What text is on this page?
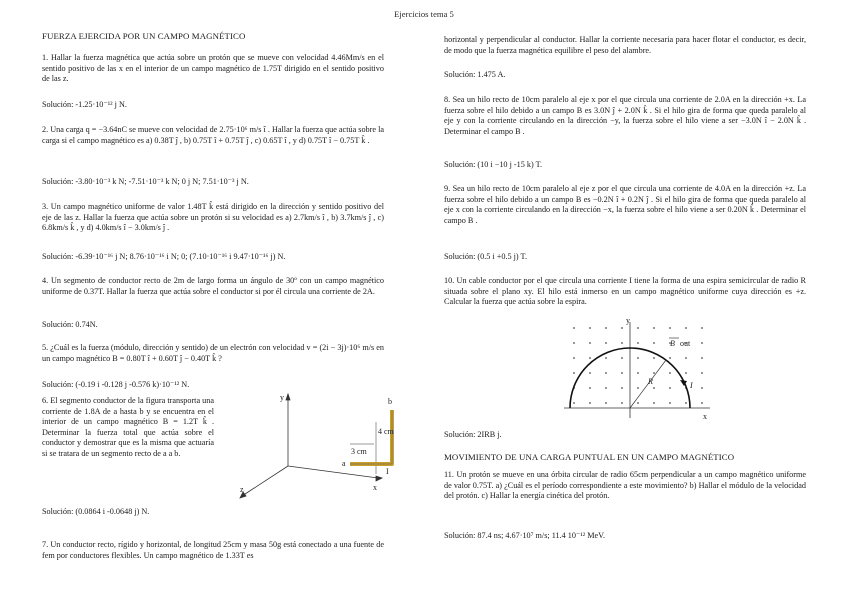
Ejercicios tema 5

FUERZA EJERCIDA POR UN CAMPO MAGNÉTICO

1. Hallar la fuerza magnética que actúa sobre un protón que se mueve con velocidad 4.46Mm/s en el sentido positivo de las x en el interior de un campo magnético de 1.75T dirigido en el sentido positivo de las z.

Solución: -1.25·10⁻¹² j N.

2. Una carga q = −3.64nC se mueve con velocidad de 2.75·10⁶ m/s î . Hallar la fuerza que actúa sobre la carga si el campo magnético es a) 0.38T ĵ , b) 0.75T î + 0.75T ĵ , c) 0.65T î , y d) 0.75T î − 0.75T k̂ .

Solución: -3.80·10⁻³ k N; -7.51·10⁻³ k N; 0 j N; 7.51·10⁻³ j N.

3. Un campo magnético uniforme de valor 1.48T k̂ está dirigido en la dirección y sentido positivo del eje de las z. Hallar la fuerza que actúa sobre un protón si su velocidad es a) 2.7km/s î , b) 3.7km/s ĵ , c) 6.8km/s k̂ , y d) 4.0km/s î − 3.0km/s ĵ .

Solución: -6.39·10⁻¹⁶ j N; 8.76·10⁻¹⁶ i N; 0; (7.10·10⁻¹⁶ i 9.47·10⁻¹⁶ j) N.

4. Un segmento de conductor recto de 2m de largo forma un ángulo de 30º con un campo magnético uniforme de 0.37T. Hallar la fuerza que actúa sobre el conductor si por él circula una corriente de 2A.

Solución: 0.74N.

5. ¿Cuál es la fuerza (módulo, dirección y sentido) de un electrón con velocidad v = (2i − 3j)·10⁶ m/s en un campo magnético B = 0.80T î + 0.60T ĵ − 0.40T k̂ ?

Solución: (-0.19 i -0.128 j -0.576 k)·10⁻¹² N.

6. El segmento conductor de la figura transporta una corriente de 1.8A de a hasta b y se encuentra en el interior de un campo magnético B = 1.2T k̂ . Determinar la fuerza total que actúa sobre el conductor y demostrar que es la misma que actuaría si se tratara de un segmento recto de a a b.

y
x
z
b
a
I
4 cm
3 cm

Solución: (0.0864 i -0.0648 j) N.

7. Un conductor recto, rígido y horizontal, de longitud 25cm y masa 50g está conectado a una fuente de fem por conductores flexibles. Un campo magnético de 1.33T es

horizontal y perpendicular al conductor. Hallar la corriente necesaria para hacer flotar el conductor, es decir, de modo que la fuerza magnética equilibre el peso del alambre.

Solución: 1.475 A.

8. Sea un hilo recto de 10cm paralelo al eje x por el que circula una corriente de 2.0A en la dirección +x. La fuerza sobre el hilo debido a un campo B es 3.0N ĵ + 2.0N k̂ . Si el hilo gira de forma que queda paralelo al eje y con la corriente circulando en la dirección −y, la fuerza sobre el hilo viene a ser −3.0N î − 2.0N k̂ . Determinar el campo B .

Solución: (10 i −10 j -15 k) T.

9. Sea un hilo recto de 10cm paralelo al eje z por el que circula una corriente de 4.0A en la dirección +z. La fuerza sobre el hilo debido a un campo B es −0.2N î + 0.2N ĵ . Si el hilo gira de forma que queda paralelo al eje x con la corriente circulando en la dirección −x, la fuerza sobre el hilo viene a ser 0.20N k̂ . Determinar el campo B .

Solución: (0.5 i +0.5 j) T.

10. Un cable conductor por el que circula una corriente I tiene la forma de una espira semicircular de radio R situada sobre el plano xy. El hilo está inmerso en un campo magnético uniforme cuya dirección es +z. Calcular la fuerza que actúa sobre la espira.

Solución: 2IRB j.

MOVIMIENTO DE UNA CARGA PUNTUAL EN UN CAMPO MAGNÉTICO

11. Un protón se mueve en una órbita circular de radio 65cm perpendicular a un campo magnético uniforme de valor 0.75T. a) ¿Cuál es el período correspondiente a este movimiento? b) Hallar el módulo de la velocidad del protón. c) Hallar la energía cinética del protón.

Solución: 87.4 ns; 4.67·10⁷ m/s; 11.4 10⁻¹² MeV.

y
x
R	I
B out
